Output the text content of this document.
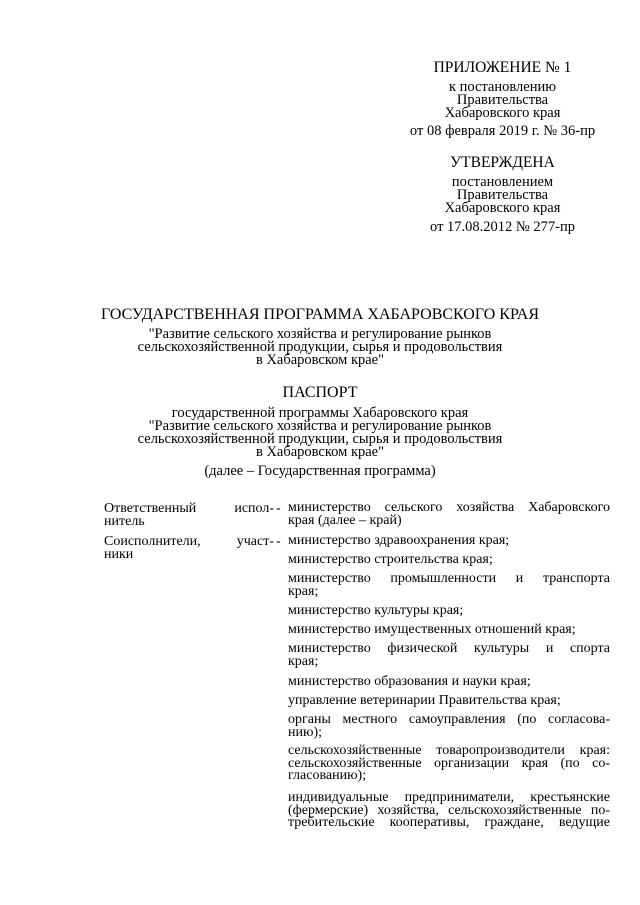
ПРИЛОЖЕНИЕ № 1
к постановлению
Правительства
Хабаровского края
от 08 февраля 2019 г. № 36-пр
УТВЕРЖДЕНА
постановлением
Правительства
Хабаровского края
от 17.08.2012 № 277-пр
ГОСУДАРСТВЕННАЯ ПРОГРАММА ХАБАРОВСКОГО КРАЯ
"Развитие сельского хозяйства и регулирование рынков
сельскохозяйственной продукции, сырья и продовольствия
в Хабаровском крае"
ПАСПОРТ
государственной программы Хабаровского края
"Развитие сельского хозяйства и регулирование рынков
сельскохозяйственной продукции, сырья и продовольствия
в Хабаровском крае"
(далее – Государственная программа)
Ответственный испол-
нитель
- министерство сельского хозяйства Хабаровского
края (далее – край)
Соисполнители, участ-
ники
- министерство здравоохранения края;
министерство строительства края;
министерство промышленности и транспорта
края;
министерство культуры края;
министерство имущественных отношений края;
министерство физической культуры и спорта
края;
министерство образования и науки края;
управление ветеринарии Правительства края;
органы местного самоуправления (по согласова-
нию);
сельскохозяйственные товаропроизводители края:
сельскохозяйственные организации края (по со-
гласованию);
индивидуальные предприниматели, крестьянские
(фермерские) хозяйства, сельскохозяйственные по-
требительские кооперативы, граждане, ведущие
